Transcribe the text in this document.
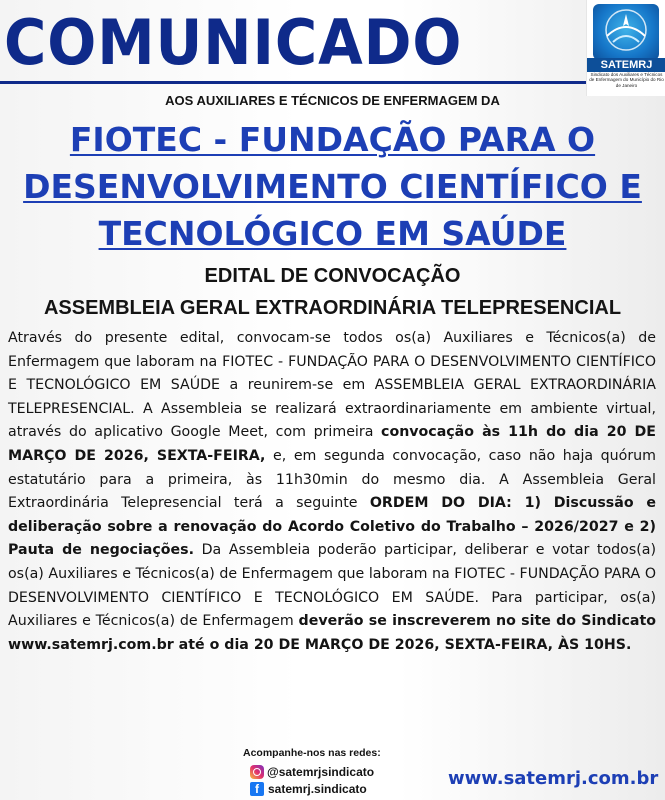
COMUNICADO	SATEMRJ
Sindicato dos Auxiliares e Técnicos de Enfermagem do Município do Rio de Janeiro
AOS AUXILIARES E TÉCNICOS DE ENFERMAGEM DA
FIOTEC - FUNDAÇÃO PARA O DESENVOLVIMENTO CIENTÍFICO E TECNOLÓGICO EM SAÚDE
EDITAL DE CONVOCAÇÃO
ASSEMBLEIA GERAL EXTRAORDINÁRIA TELEPRESENCIAL
Através do presente edital, convocam-se todos os(a) Auxiliares e Técnicos(a) de Enfermagem que laboram na FIOTEC - FUNDAÇÃO PARA O DESENVOLVIMENTO CIENTÍFICO E TECNOLÓGICO EM SAÚDE a reunirem-se em ASSEMBLEIA GERAL EXTRAORDINÁRIA TELEPRESENCIAL. A Assembleia se realizará extraordinariamente em ambiente virtual, através do aplicativo Google Meet, com primeira convocação às 11h do dia 20 DE MARÇO DE 2026, SEXTA-FEIRA, e, em segunda convocação, caso não haja quórum estatutário para a primeira, às 11h30min do mesmo dia. A Assembleia Geral Extraordinária Telepresencial terá a seguinte ORDEM DO DIA: 1) Discussão e deliberação sobre a renovação do Acordo Coletivo do Trabalho – 2026/2027 e 2) Pauta de negociações. Da Assembleia poderão participar, deliberar e votar todos(a) os(a) Auxiliares e Técnicos(a) de Enfermagem que laboram na FIOTEC - FUNDAÇÃO PARA O DESENVOLVIMENTO CIENTÍFICO E TECNOLÓGICO EM SAÚDE. Para participar, os(a) Auxiliares e Técnicos(a) de Enfermagem deverão se inscreverem no site do Sindicato www.satemrj.com.br até o dia 20 DE MARÇO DE 2026, SEXTA-FEIRA, ÀS 10HS.
Acompanhe-nos nas redes:
@satemrjsindicato
f satemrj.sindicato	www.satemrj.com.br
